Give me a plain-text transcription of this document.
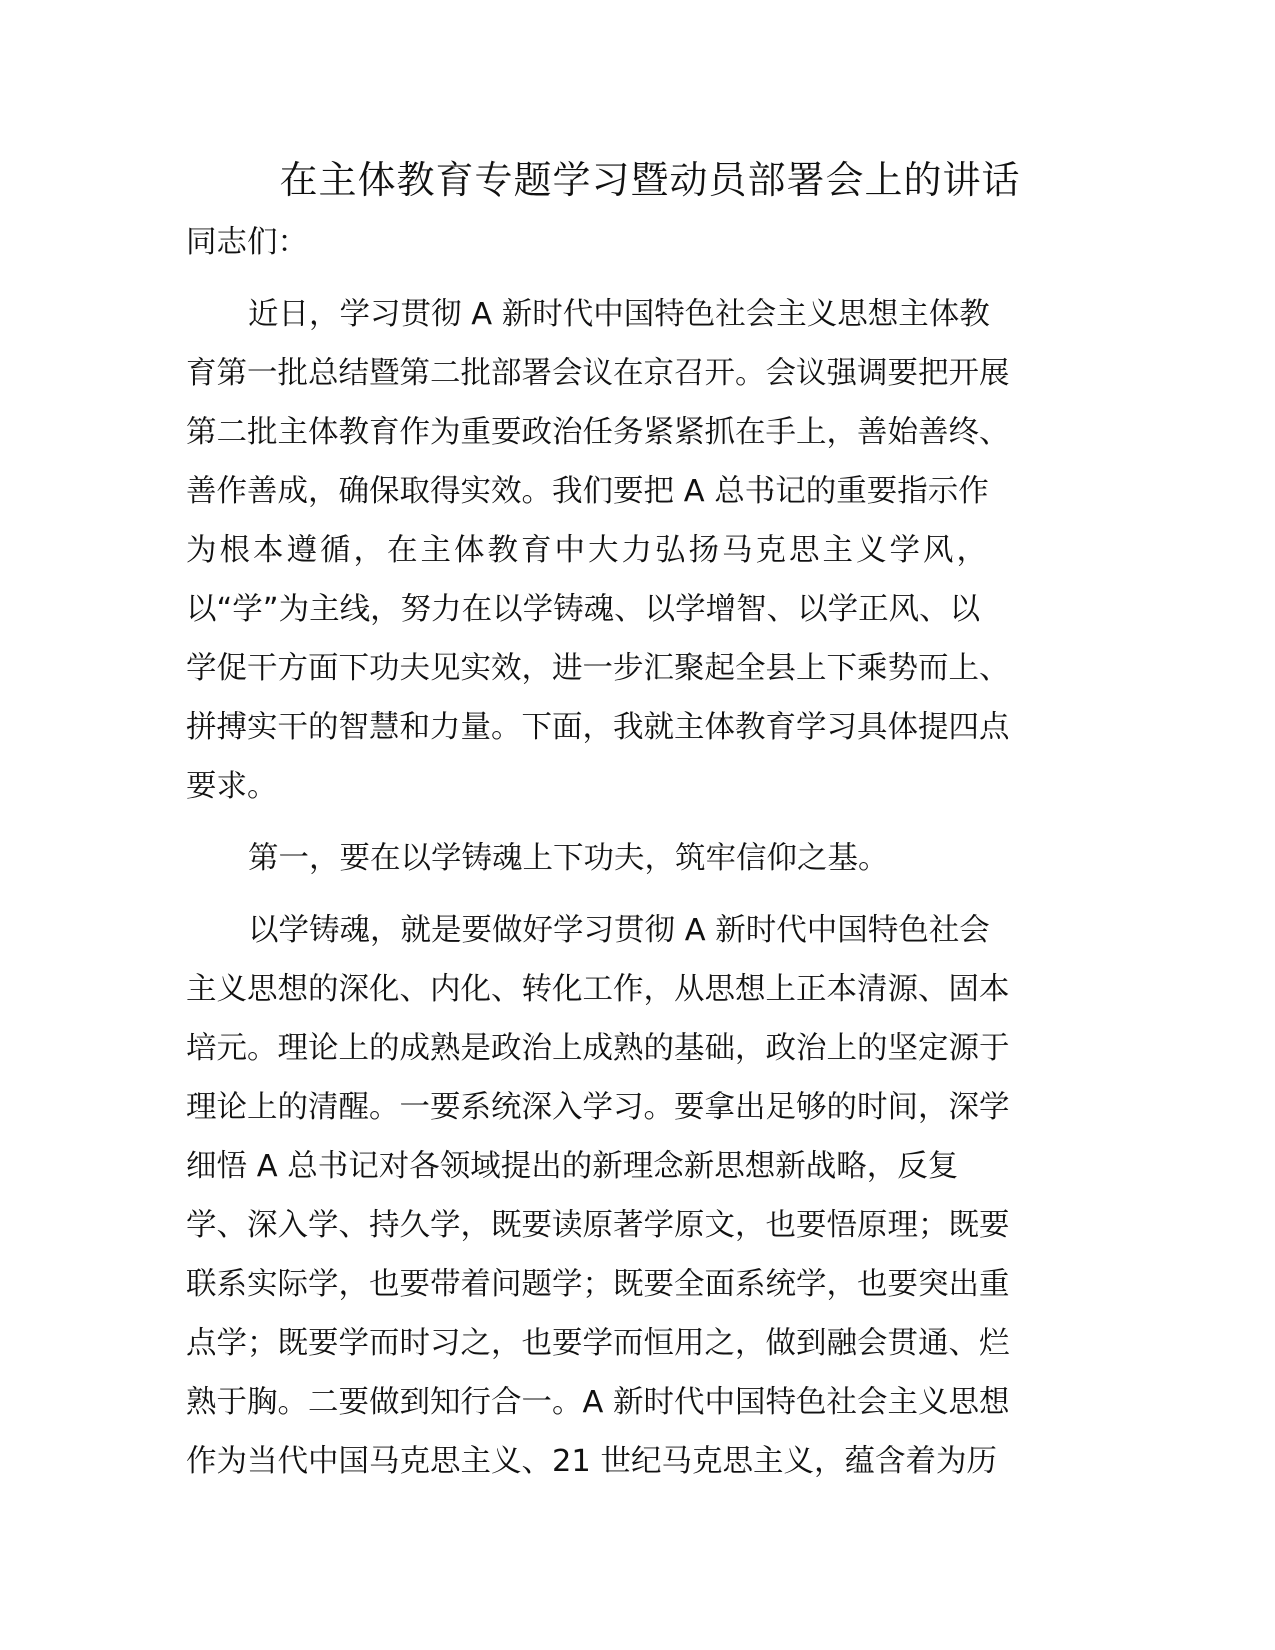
在主体教育专题学习暨动员部署会上的讲话
同志们：
近日，学习贯彻 A 新时代中国特色社会主义思想主体教
育第一批总结暨第二批部署会议在京召开。会议强调要把开展
第二批主体教育作为重要政治任务紧紧抓在手上，善始善终、
善作善成，确保取得实效。我们要把 A 总书记的重要指示作
为根本遵循，在主体教育中大力弘扬马克思主义学风，
以“学”为主线，努力在以学铸魂、以学增智、以学正风、以
学促干方面下功夫见实效，进一步汇聚起全县上下乘势而上、
拼搏实干的智慧和力量。下面，我就主体教育学习具体提四点
要求。
第一，要在以学铸魂上下功夫，筑牢信仰之基。
以学铸魂，就是要做好学习贯彻 A 新时代中国特色社会
主义思想的深化、内化、转化工作，从思想上正本清源、固本
培元。理论上的成熟是政治上成熟的基础，政治上的坚定源于
理论上的清醒。一要系统深入学习。要拿出足够的时间，深学
细悟 A 总书记对各领域提出的新理念新思想新战略，反复
学、深入学、持久学，既要读原著学原文，也要悟原理；既要
联系实际学，也要带着问题学；既要全面系统学，也要突出重
点学；既要学而时习之，也要学而恒用之，做到融会贯通、烂
熟于胸。二要做到知行合一。A 新时代中国特色社会主义思想
作为当代中国马克思主义、21 世纪马克思主义，蕴含着为历
